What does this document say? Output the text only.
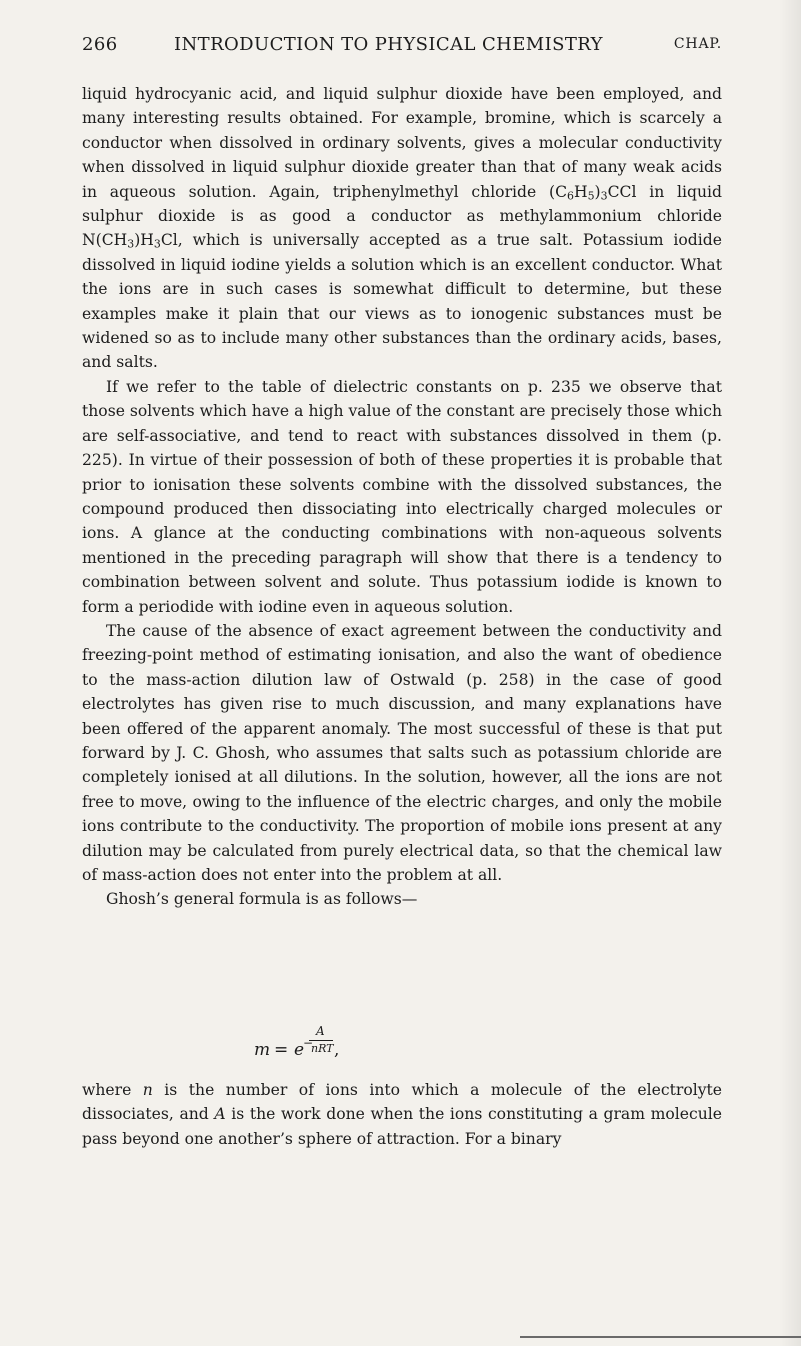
266	INTRODUCTION TO PHYSICAL CHEMISTRY	CHAP.

liquid hydrocyanic acid, and liquid sulphur dioxide have been employed, and many interesting results obtained. For example, bromine, which is scarcely a conductor when dissolved in ordinary solvents, gives a molecular conductivity when dissolved in liquid sulphur dioxide greater than that of many weak acids in aqueous solution. Again, triphenylmethyl chloride $(C_6H_5)_3CCl$ in liquid sulphur dioxide is as good a conductor as methylammonium chloride $N(CH_3)H_3Cl$, which is universally accepted as a true salt. Potassium iodide dissolved in liquid iodine yields a solution which is an excellent conductor. What the ions are in such cases is somewhat difficult to determine, but these examples make it plain that our views as to ionogenic substances must be widened so as to include many other substances than the ordinary acids, bases, and salts.

If we refer to the table of dielectric constants on p. 235 we observe that those solvents which have a high value of the constant are precisely those which are self-associative, and tend to react with substances dissolved in them (p. 225). In virtue of their possession of both of these properties it is probable that prior to ionisation these solvents combine with the dissolved substances, the compound produced then dissociating into electrically charged molecules or ions. A glance at the conducting combinations with non-aqueous solvents mentioned in the preceding paragraph will show that there is a tendency to combination between solvent and solute. Thus potassium iodide is known to form a periodide with iodine even in aqueous solution.

The cause of the absence of exact agreement between the conductivity and freezing-point method of estimating ionisation, and also the want of obedience to the mass-action dilution law of Ostwald (p. 258) in the case of good electrolytes has given rise to much discussion, and many explanations have been offered of the apparent anomaly. The most successful of these is that put forward by J. C. Ghosh, who assumes that salts such as potassium chloride are completely ionised at all dilutions. In the solution, however, all the ions are not free to move, owing to the influence of the electric charges, and only the mobile ions contribute to the conductivity. The proportion of mobile ions present at any dilution may be calculated from purely electrical data, so that the chemical law of mass-action does not enter into the problem at all.

Ghosh’s general formula is as follows—

m = e
−
A
nRT ,

where n is the number of ions into which a molecule of the electrolyte dissociates, and A is the work done when the ions constituting a gram molecule pass beyond one another’s sphere of attraction. For a binary
